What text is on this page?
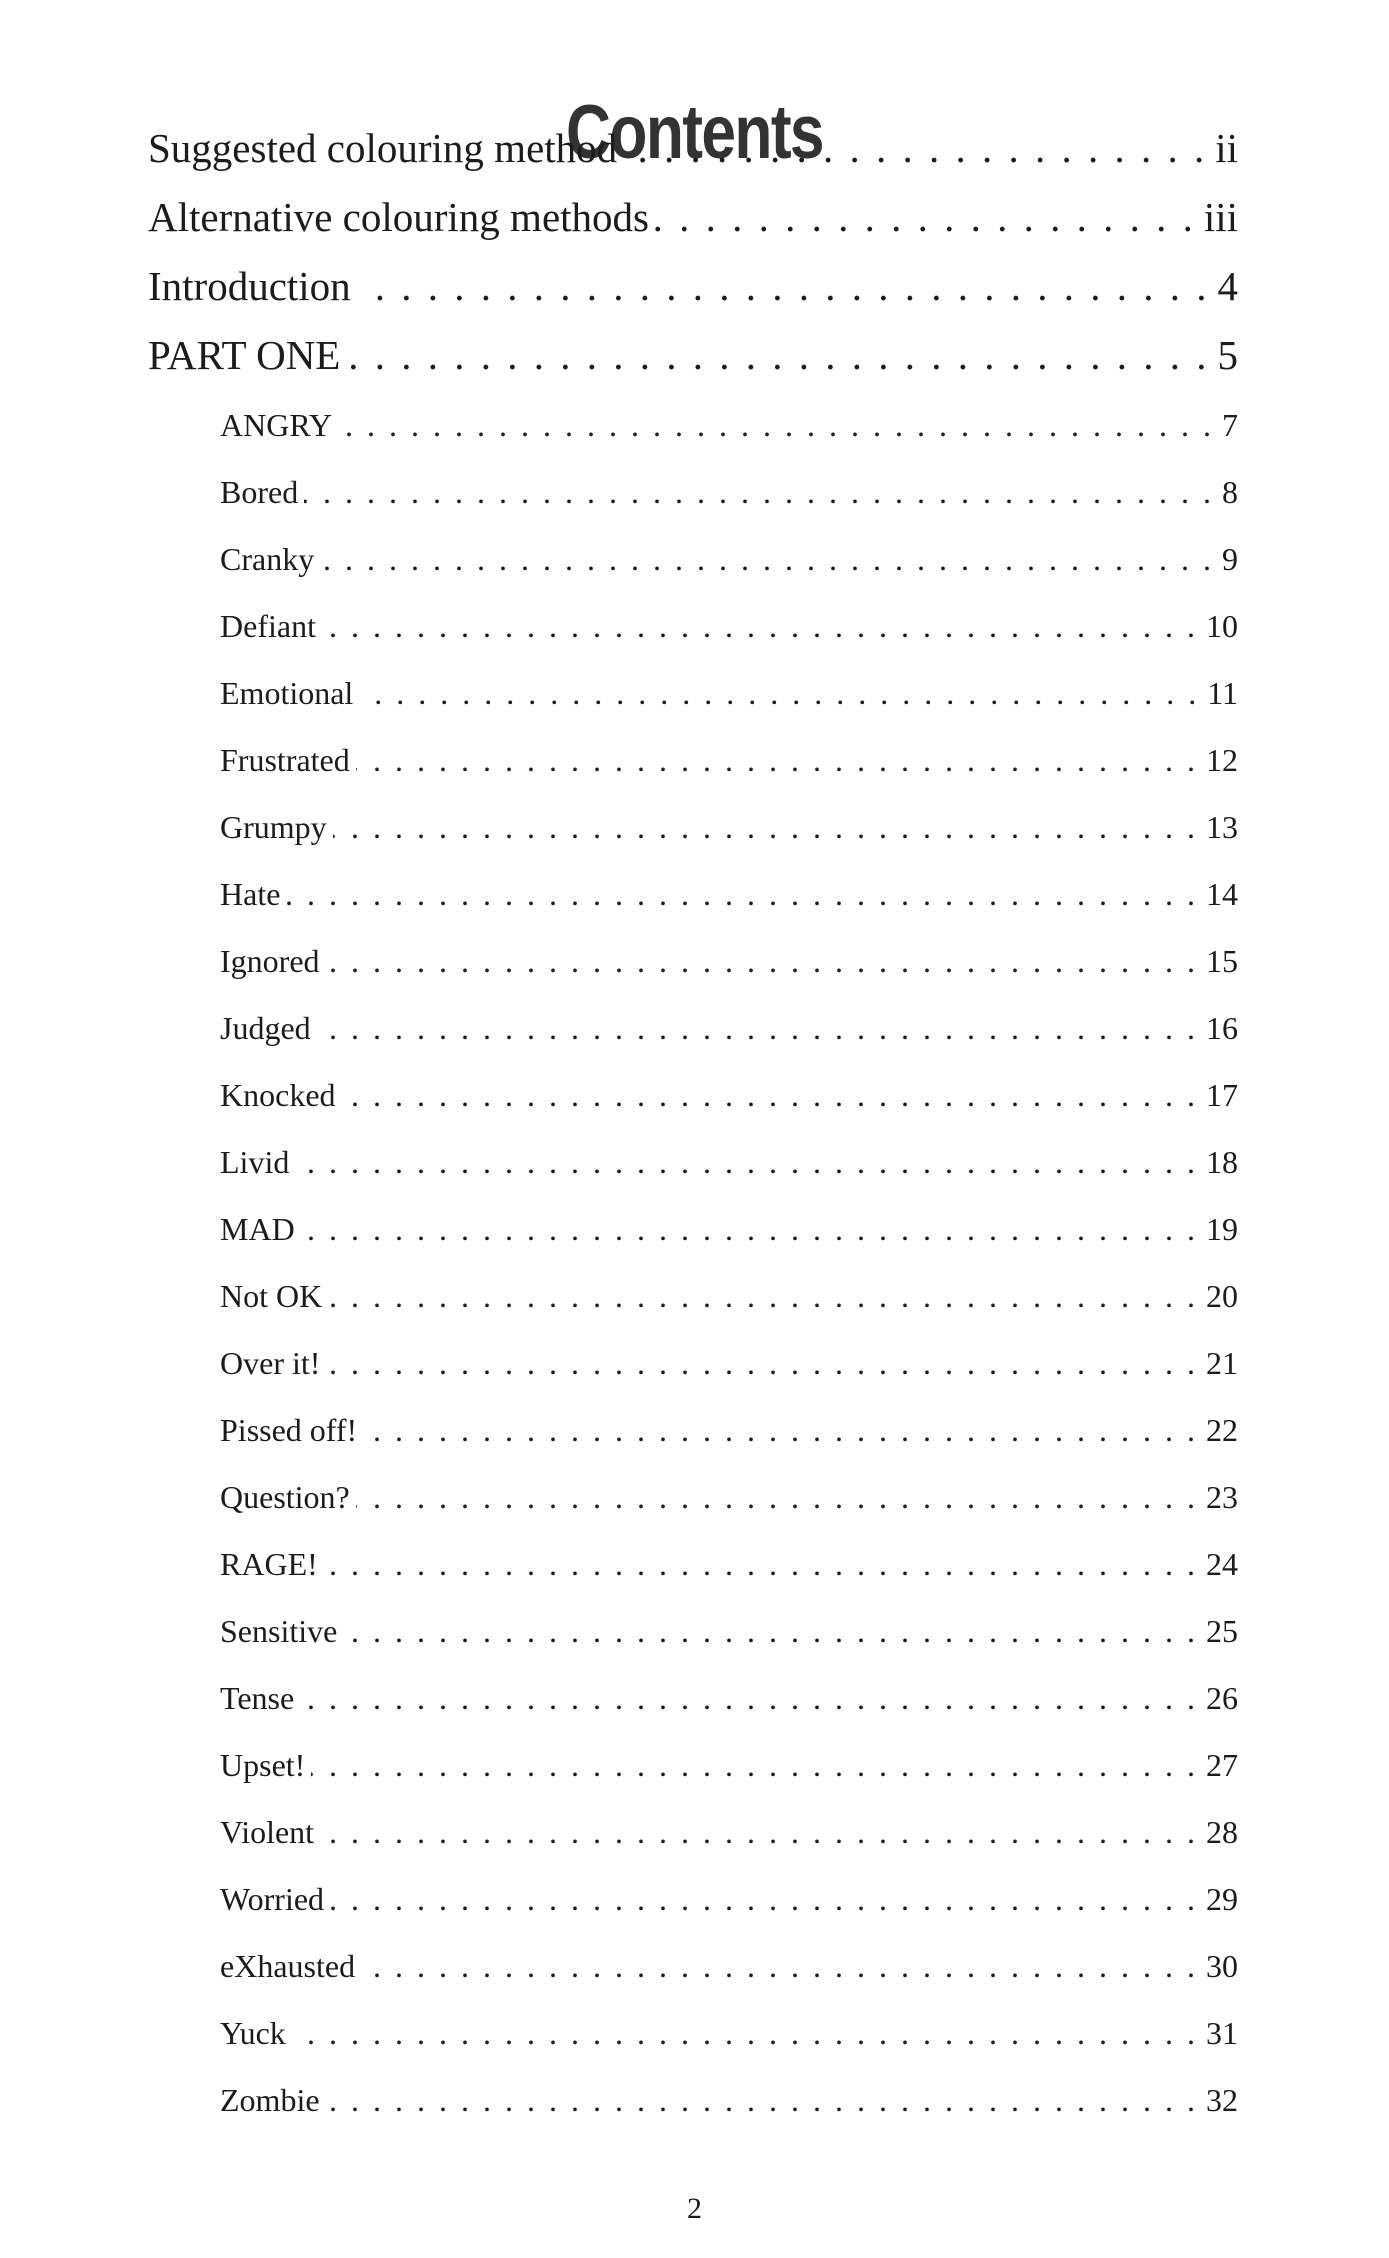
Contents
Suggested colouring method . . .	ii
Alternative colouring methods . . .	iii
Introduction . . .	4
PART ONE . . .	5
ANGRY . . .	7
Bored . . .	8
Cranky . . .	9
Defiant . . .	10
Emotional . . .	11
Frustrated . . .	12
Grumpy . . .	13
Hate . . .	14
Ignored . . .	15
Judged . . .	16
Knocked . . .	17
Livid . . .	18
MAD . . .	19
Not OK . . .	20
Over it! . . .	21
Pissed off! . . .	22
Question? . . .	23
RAGE! . . .	24
Sensitive . . .	25
Tense . . .	26
Upset! . . .	27
Violent . . .	28
Worried . . .	29
eXhausted . . .	30
Yuck . . .	31
Zombie . . .	32
2
